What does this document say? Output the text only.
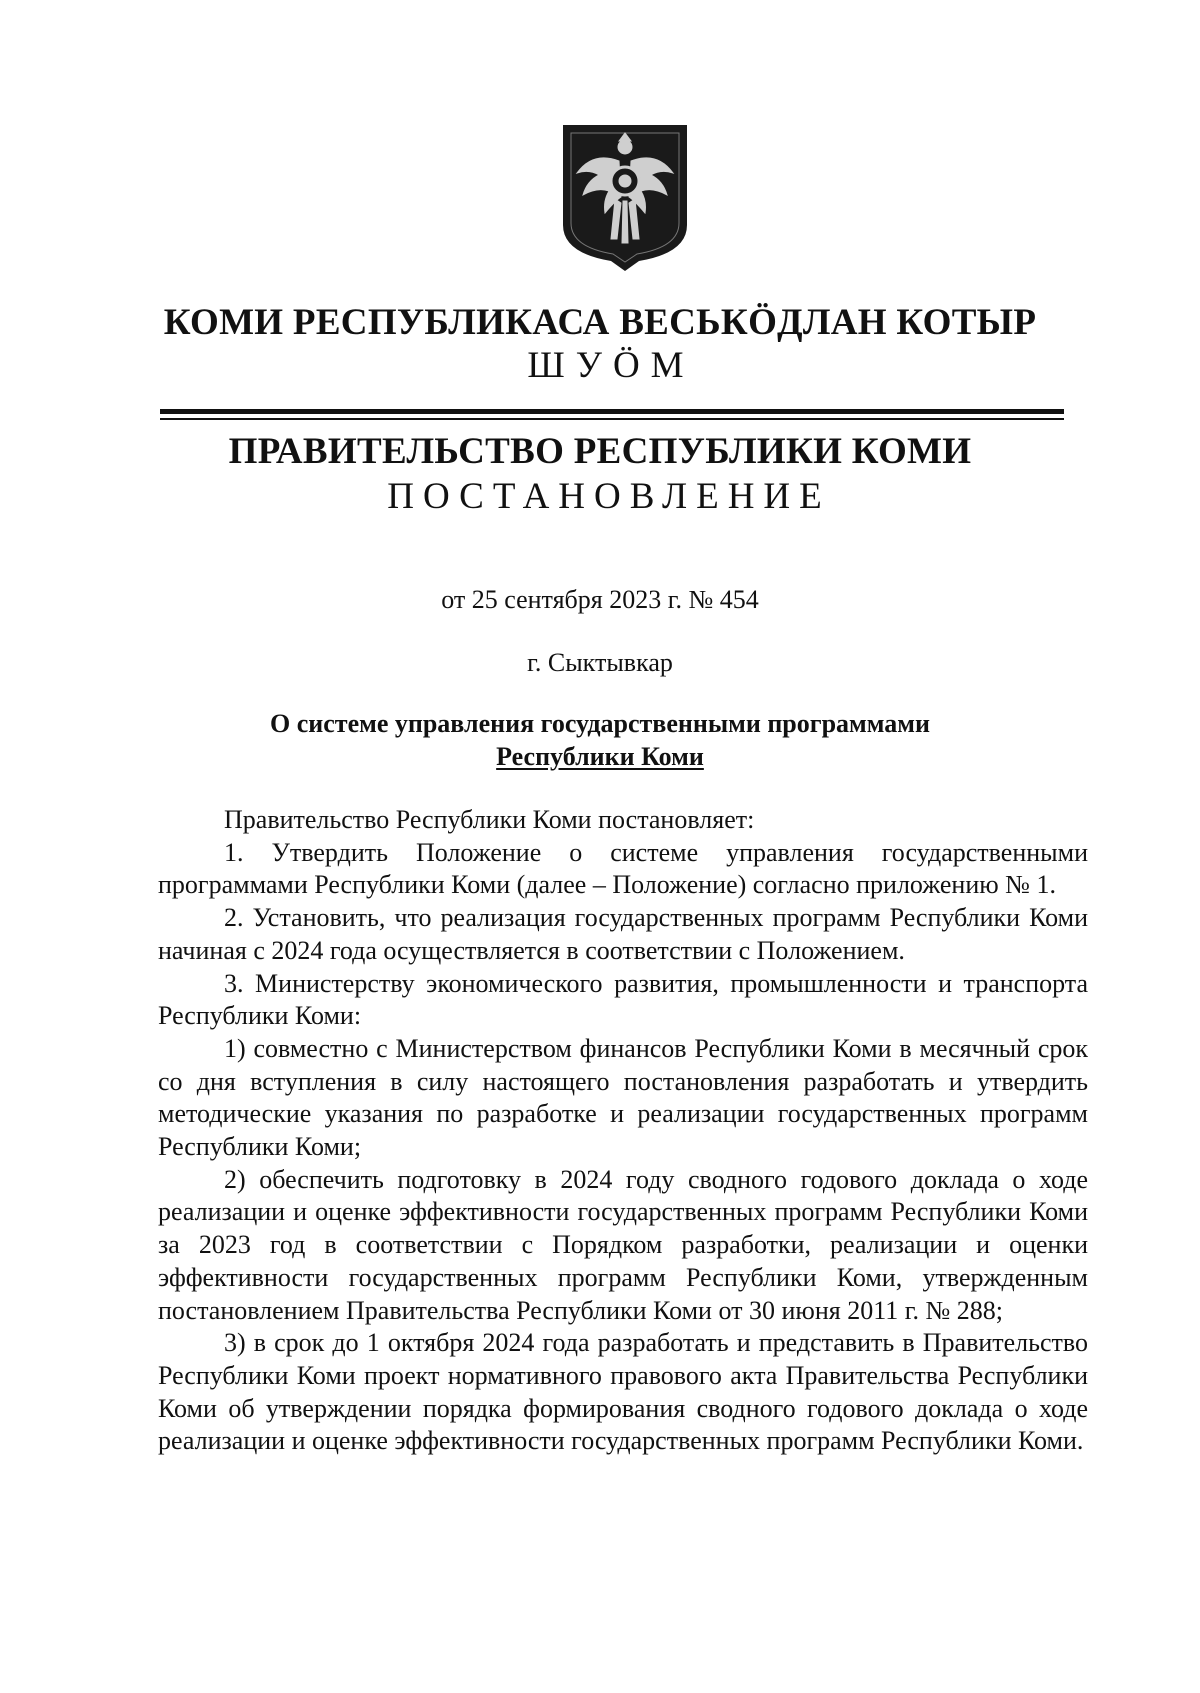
КОМИ РЕСПУБЛИКАСА ВЕСЬКӦДЛАН КОТЫР
ШУӦМ
ПРАВИТЕЛЬСТВО РЕСПУБЛИКИ КОМИ
ПОСТАНОВЛЕНИЕ
от 25 сентября 2023 г. № 454
г. Сыктывкар
О системе управления государственными программами
Республики Коми

Правительство Республики Коми постановляет:

1. Утвердить Положение о системе управления государственными программами Республики Коми (далее – Положение) согласно приложению № 1.

2. Установить, что реализация государственных программ Республики Коми начиная с 2024 года осуществляется в соответствии с Положением.

3. Министерству экономического развития, промышленности и транспорта Республики Коми:

1) совместно с Министерством финансов Республики Коми в месячный срок со дня вступления в силу настоящего постановления разработать и утвердить методические указания по разработке и реализации государственных программ Республики Коми;

2) обеспечить подготовку в 2024 году сводного годового доклада о ходе реализации и оценке эффективности государственных программ Республики Коми за 2023 год в соответствии с Порядком разработки, реализации и оценки эффективности государственных программ Республики Коми, утвержденным постановлением Правительства Республики Коми от 30 июня 2011 г. № 288;

3) в срок до 1 октября 2024 года разработать и представить в Правительство Республики Коми проект нормативного правового акта Правительства Республики Коми об утверждении порядка формирования сводного годового доклада о ходе реализации и оценке эффективности государственных программ Республики Коми.
